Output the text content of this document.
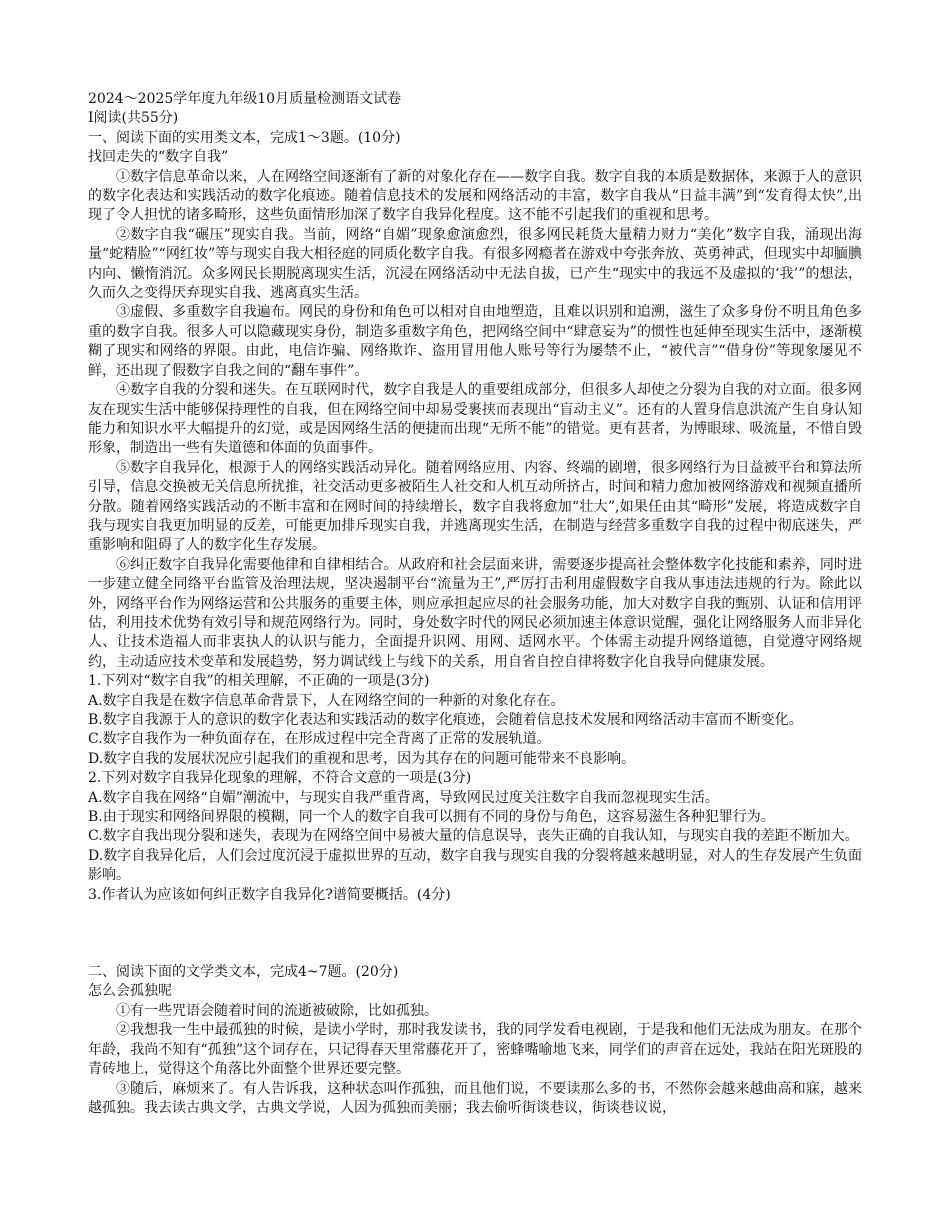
2024～2025学年度九年级10月质量检测语文试卷
I阅读(共55分)
一、阅读下面的实用类文本，完成1～3题。(10分)
找回走失的“数字自我”

①数字信息革命以来，人在网络空间逐渐有了新的对象化存在——数字自我。数字自我的本质是数据体，来源于人的意识的数字化表达和实践活动的数字化痕迹。随着信息技术的发展和网络活动的丰富，数字自我从“日益丰满”到“发育得太快”,出现了令人担忧的诸多畸形，这些负面情形加深了数字自我异化程度。这不能不引起我们的重视和思考。

②数字自我“碾压”现实自我。当前，网络“自媚”现象愈演愈烈，很多网民耗货大量精力财力“美化”数字自我，涌现出海量“蛇精脸”“网红妆”等与现实自我大相径庭的同质化数字自我。有很多网瘾者在游戏中夸张奔放、英勇神武，但现实中却腼腆内向、懒惰消沉。众多网民长期脱离现实生活，沉浸在网络活动中无法自拔，已产生“现实中的我远不及虚拟的‘我’”的想法，久而久之变得厌弃现实自我、逃离真实生活。

③虚假、多重数字自我遍布。网民的身份和角色可以相对自由地塑造，且难以识别和追溯，滋生了众多身份不明且角色多重的数字自我。很多人可以隐藏现实身份，制造多重数字角色，把网络空间中“肆意妄为”的惯性也延伸至现实生活中，逐渐模糊了现实和网络的界限。由此，电信诈骗、网络欺诈、盗用冒用他人账号等行为屡禁不止，“被代言”“借身份”等现象屡见不鲜，还出现了假数字自我之间的“翻车事件”。

④数字自我的分裂和迷失。在互联网时代，数字自我是人的重要组成部分，但很多人却使之分裂为自我的对立面。很多网友在现实生活中能够保持理性的自我，但在网络空间中却易受裹挟而表现出“盲动主义”。还有的人置身信息洪流产生自身认知能力和知识水平大幅提升的幻觉，或是因网络生活的便捷而出现“无所不能”的错觉。更有甚者，为博眼球、吸流量，不惜自毁形象，制造出一些有失道德和体面的负面事件。

⑤数字自我异化，根源于人的网络实践活动异化。随着网络应用、内容、终端的剧增，很多网络行为日益被平台和算法所引导，信息交换被无关信息所扰推，社交活动更多被陌生人社交和人机互动所挤占，时间和精力愈加被网络游戏和视频直播所分散。随着网络实践活动的不断丰富和在网时间的持续增长，数字自我将愈加“壮大”,如果任由其“畸形”发展，将造成数字自我与现实自我更加明显的反差，可能更加排斥现实自我，并逃离现实生活，在制造与经营多重数字自我的过程中彻底迷失，严重影响和阻碍了人的数字化生存发展。

⑥纠正数字自我异化需要他律和自律相结合。从政府和社会层面来讲，需要逐步提高社会整体数字化技能和素养，同时进一步建立健全同络平台监管及治理法规，坚决遏制平台“流量为王”,严厉打击利用虚假数字自我从事违法违规的行为。除此以外，网络平台作为网络运营和公共服务的重要主体，则应承担起应尽的社会服务功能，加大对数字自我的甄别、认证和信用评估，利用技术优势有效引导和规范网络行为。同时，身处数字时代的网民必须加速主体意识觉醒，强化让网络服务人而非异化人、让技术造福人而非衷执人的认识与能力，全面提升识网、用网、适网水平。个体需主动提升网络道德，自觉遵守网络规约，主动适应技术变革和发展趋势，努力调试线上与线下的关系，用自省自控自律将数字化自我导向健康发展。

1.下列对“数字自我”的相关理解，不正确的一项是(3分)

A.数字自我是在数字信息革命背景下，人在网络空间的一种新的对象化存在。

B.数字自我源于人的意识的数字化表达和实践活动的数字化痕迹，会随着信息技术发展和网络活动丰富而不断变化。

C.数字自我作为一种负面存在，在形成过程中完全背离了正常的发展轨道。

D.数字自我的发展状况应引起我们的重视和思考，因为其存在的问题可能带来不良影响。

2.下列对数字自我异化现象的理解，不符合文意的一项是(3分)

A.数字自我在网络“自媚”潮流中，与现实自我严重背离，导致网民过度关注数字自我而忽视现实生活。

B.由于现实和网络间界限的模糊，同一个人的数字自我可以拥有不同的身份与角色，这容易滋生各种犯罪行为。

C.数字自我出现分裂和迷失，表现为在网络空间中易被大量的信息误导，丧失正确的自我认知，与现实自我的差距不断加大。

D.数字自我异化后，人们会过度沉浸于虚拟世界的互动，数字自我与现实自我的分裂将越来越明显，对人的生存发展产生负面影响。

3.作者认为应该如何纠正数字自我异化?谱简要概括。(4分)

二、阅读下面的文学类文本，完成4~7题。(20分)
怎么会孤独呢

①有一些咒语会随着时间的流逝被破除，比如孤独。

②我想我一生中最孤独的时候，是读小学时，那时我发读书，我的同学发看电视剧，于是我和他们无法成为朋友。在那个年龄，我尚不知有“孤独”这个词存在，只记得春天里常藤花开了，密蜂嘴喻地飞来，同学们的声音在远处，我站在阳光斑股的青砖地上，觉得这个角落比外面整个世界还要完整。

③随后，麻烦来了。有人告诉我，这种状态叫作孤独，而且他们说，不要读那么多的书，不然你会越来越曲高和寐，越来越孤独。我去读古典文学，古典文学说，人因为孤独而美丽；我去偷听街谈巷议，街谈巷议说，
